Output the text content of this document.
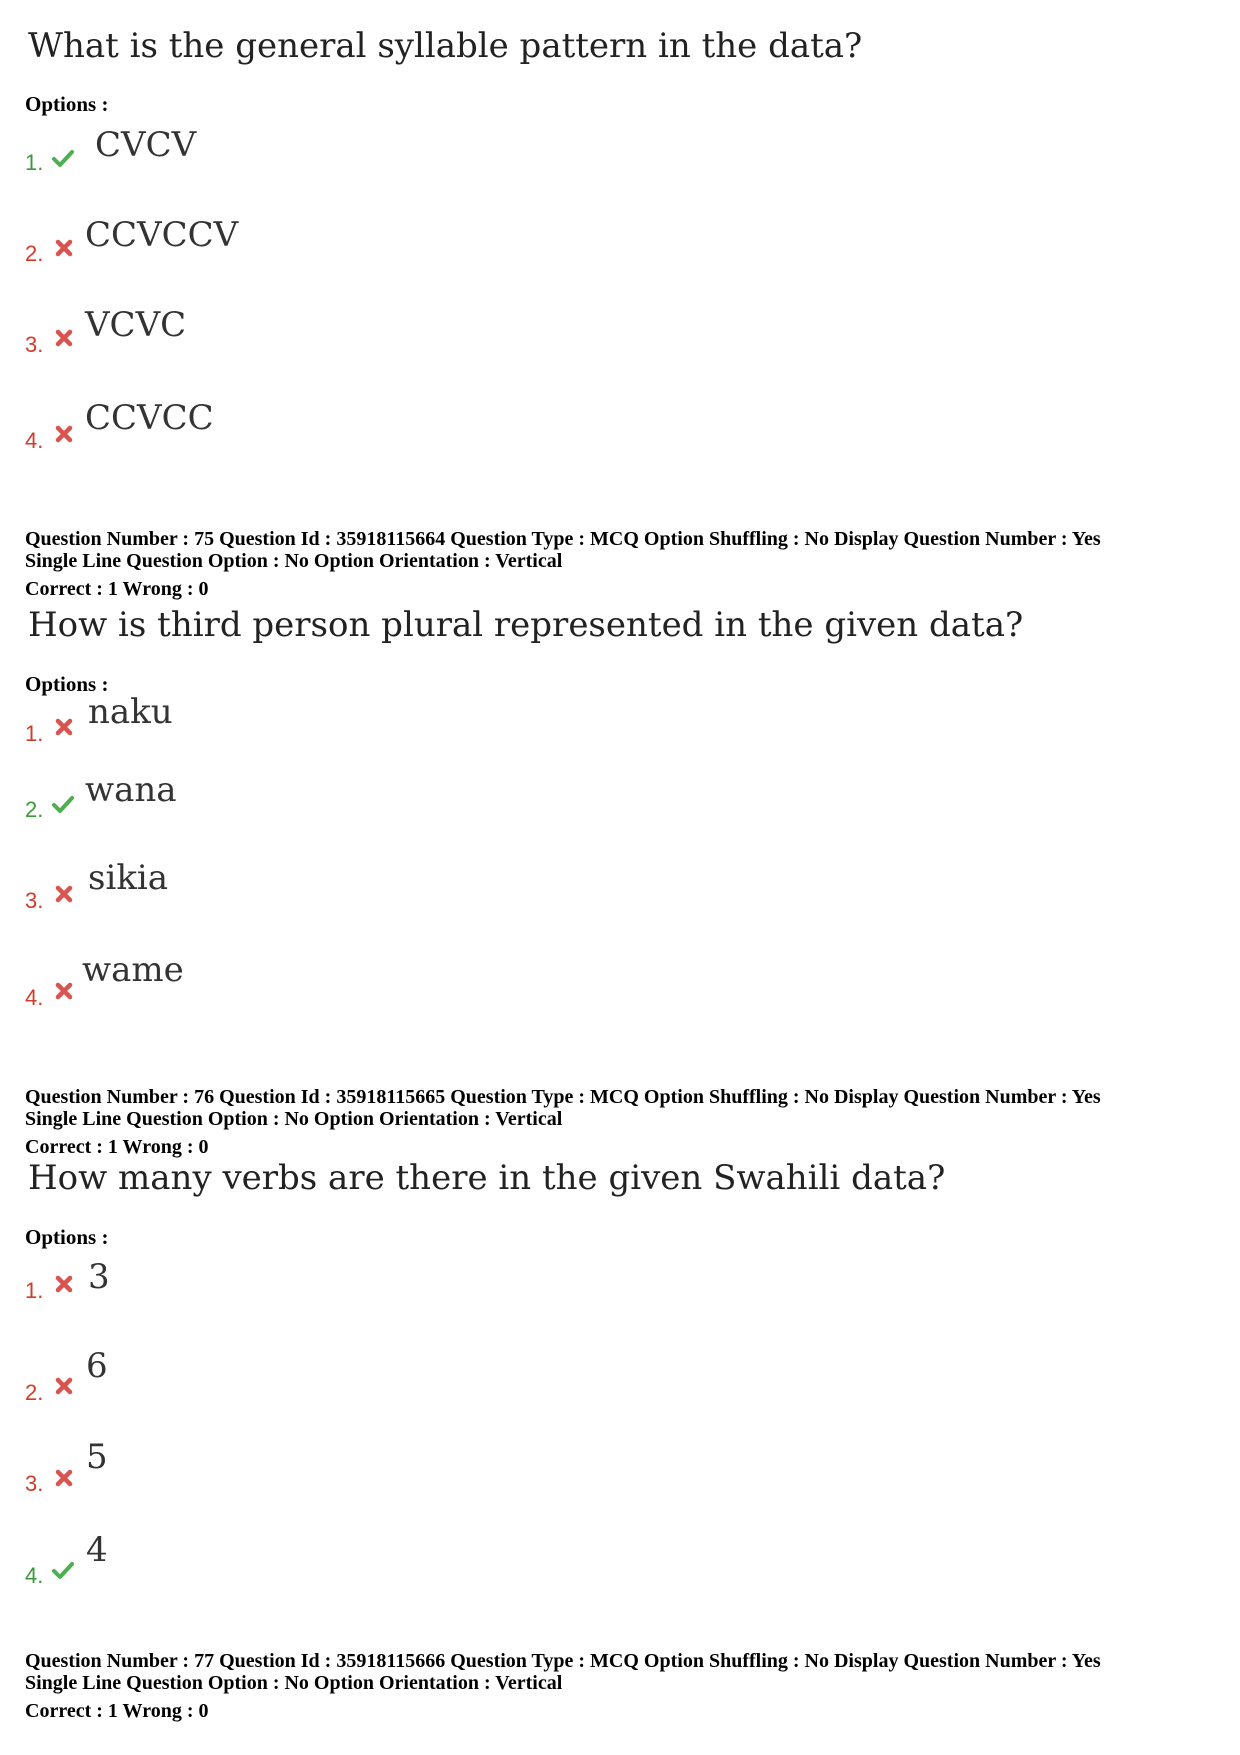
What is the general syllable pattern in the data?
Options :
1. CVCV
2. CCVCCV
3. VCVC
4.
CCVCC
Question Number : 75 Question Id : 35918115664 Question Type : MCQ Option Shuffling : No Display Question Number : Yes
Single Line Question Option : No Option Orientation : Vertical
Correct : 1 Wrong : 0
How is third person plural represented in the given data?
Options :
1.
naku
2. wana
3.
sikia
4.
wame
Question Number : 76 Question Id : 35918115665 Question Type : MCQ Option Shuffling : No Display Question Number : Yes
Single Line Question Option : No Option Orientation : Vertical
Correct : 1 Wrong : 0
How many verbs are there in the given Swahili data?
Options :
1. 3
2.
6
3.
5
4.
4
Question Number : 77 Question Id : 35918115666 Question Type : MCQ Option Shuffling : No Display Question Number : Yes
Single Line Question Option : No Option Orientation : Vertical
Correct : 1 Wrong : 0
